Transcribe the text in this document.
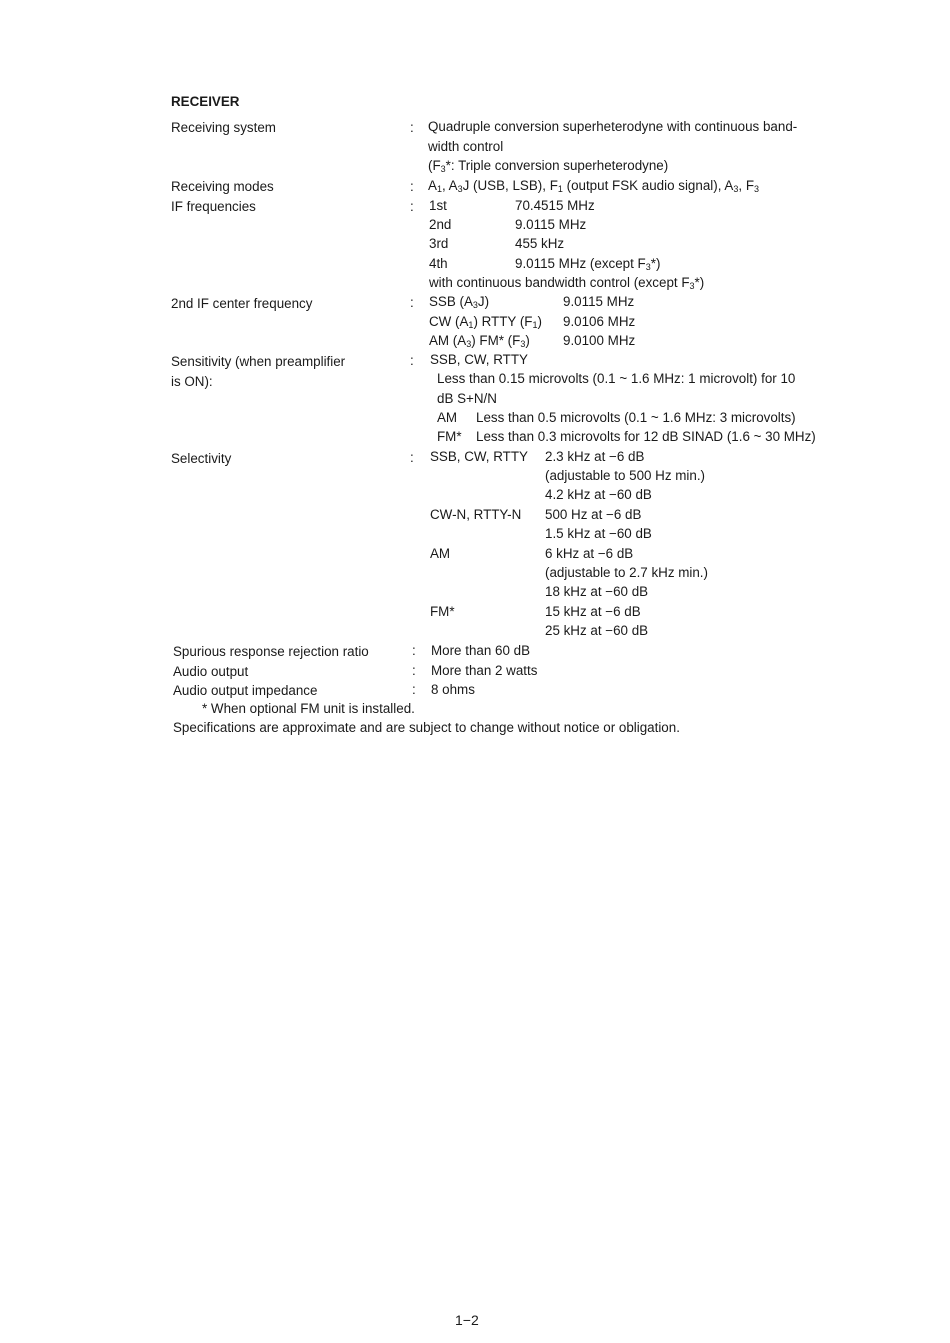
RECEIVER
Receiving system	: Quadruple conversion superheterodyne with continuous band-
width control
($F_3*$: Triple conversion superheterodyne)
Receiving modes	: $A_1$, $A_3J$ (USB, LSB), $F_1$ (output FSK audio signal), $A_3$, $F_3$
IF frequencies	: 1st	70.4515 MHz
2nd	9.0115 MHz
3rd	455 kHz
4th	9.0115 MHz (except $F_3*$)
with continuous bandwidth control (except $F_3*$)
2nd IF center frequency	: SSB $(A_3J)$	9.0115 MHz
CW $(A_1)$ RTTY $(F_1)$ 9.0106 MHz
AM $(A_3)$ FM* $(F_3)$ 9.0100 MHz
Sensitivity (when preamplifier
is ON):
: SSB, CW, RTTY
Less than 0.15 microvolts (0.1 ~ 1.6 MHz: 1 microvolt) for 10
dB S+N/N
AM Less than 0.5 microvolts (0.1 ~ 1.6 MHz: 3 microvolts)
FM* Less than 0.3 microvolts for 12 dB SINAD (1.6 ~ 30 MHz)
Selectivity	: SSB, CW, RTTY 2.3 kHz at −6 dB
(adjustable to 500 Hz min.)
4.2 kHz at −60 dB
CW-N, RTTY-N 500 Hz at −6 dB
1.5 kHz at −60 dB
AM	6 kHz at −6 dB
(adjustable to 2.7 kHz min.)
18 kHz at −60 dB
FM*	15 kHz at −6 dB
25 kHz at −60 dB
Spurious response rejection ratio	: More than 60 dB
Audio output	: More than 2 watts
Audio output impedance	: 8 ohms
* When optional FM unit is installed.
Specifications are approximate and are subject to change without notice or obligation.
1−2
